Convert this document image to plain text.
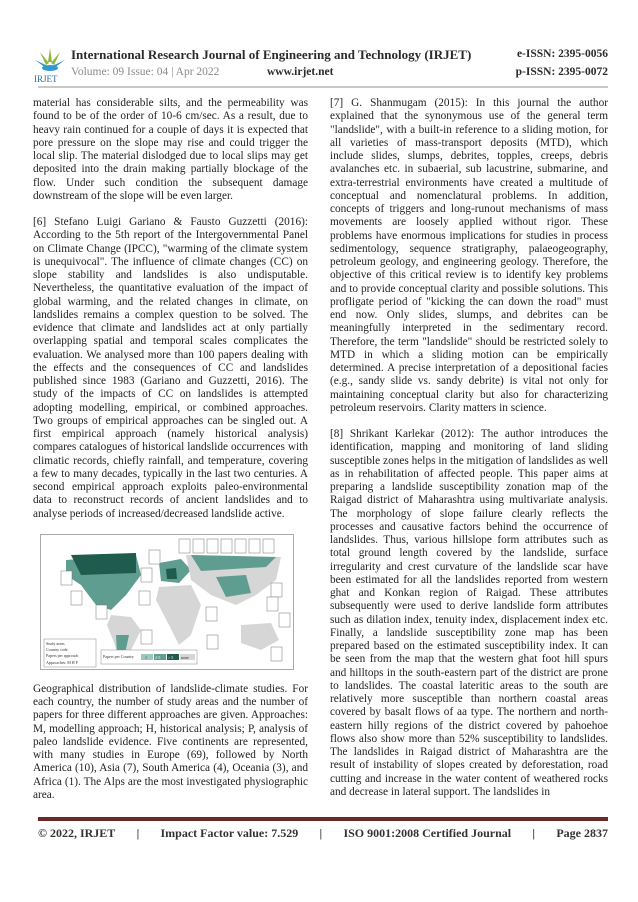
IRJET
International Research Journal of Engineering and Technology (IRJET)
Volume: 09 Issue: 04 | Apr 2022	www.irjet.net
e-ISSN: 2395-0056
p-ISSN: 2395-0072

material has considerable silts, and the permeability was found to be of the order of 10-6 cm/sec. As a result, due to heavy rain continued for a couple of days it is expected that pore pressure on the slope may rise and could trigger the local slip. The material dislodged due to local slips may get deposited into the drain making partially blockage of the flow. Under such condition the subsequent damage downstream of the slope will be even larger.

[6] Stefano Luigi Gariano & Fausto Guzzetti (2016): According to the 5th report of the Intergovernmental Panel on Climate Change (IPCC), "warming of the climate system is unequivocal". The influence of climate changes (CC) on slope stability and landslides is also undisputable. Nevertheless, the quantitative evaluation of the impact of global warming, and the related changes in climate, on landslides remains a complex question to be solved. The evidence that climate and landslides act at only partially overlapping spatial and temporal scales complicates the evaluation. We analysed more than 100 papers dealing with the effects and the consequences of CC and landslides published since 1983 (Gariano and Guzzetti, 2016). The study of the impacts of CC on landslides is attempted adopting modelling, empirical, or combined approaches. Two groups of empirical approaches can be singled out. A first empirical approach (namely historical analysis) compares catalogues of historical landslide occurrences with climatic records, chiefly rainfall, and temperature, covering a few to many decades, typically in the last two centuries. A second empirical approach exploits paleo-environmental data to reconstruct records of ancient landslides and to analyse periods of increased/decreased landslide active.

Study areas
Country code
Papers per approach
Approaches: M H P
Papers per Country	1 2-5 > 5 none

Geographical distribution of landslide-climate studies. For each country, the number of study areas and the number of papers for three different approaches are given. Approaches: M, modelling approach; H, historical analysis; P, analysis of paleo landslide evidence. Five continents are represented, with many studies in Europe (69), followed by North America (10), Asia (7), South America (4), Oceania (3), and Africa (1). The Alps are the most investigated physiographic area.

[7] G. Shanmugam (2015): In this journal the author explained that the synonymous use of the general term "landslide", with a built-in reference to a sliding motion, for all varieties of mass-transport deposits (MTD), which include slides, slumps, debrites, topples, creeps, debris avalanches etc. in subaerial, sub lacustrine, submarine, and extra-terrestrial environments have created a multitude of conceptual and nomenclatural problems. In addition, concepts of triggers and long-runout mechanisms of mass movements are loosely applied without rigor. These problems have enormous implications for studies in process sedimentology, sequence stratigraphy, palaeogeography, petroleum geology, and engineering geology. Therefore, the objective of this critical review is to identify key problems and to provide conceptual clarity and possible solutions. This profligate period of "kicking the can down the road" must end now. Only slides, slumps, and debrites can be meaningfully interpreted in the sedimentary record. Therefore, the term "landslide" should be restricted solely to MTD in which a sliding motion can be empirically determined. A precise interpretation of a depositional facies (e.g., sandy slide vs. sandy debrite) is vital not only for maintaining conceptual clarity but also for characterizing petroleum reservoirs. Clarity matters in science.

[8] Shrikant Karlekar (2012): The author introduces the identification, mapping and monitoring of land sliding susceptible zones helps in the mitigation of landslides as well as in rehabilitation of affected people. This paper aims at preparing a landslide susceptibility zonation map of the Raigad district of Maharashtra using multivariate analysis. The morphology of slope failure clearly reflects the processes and causative factors behind the occurrence of landslides. Thus, various hillslope form attributes such as total ground length covered by the landslide, surface irregularity and crest curvature of the landslide scar have been estimated for all the landslides reported from western ghat and Konkan region of Raigad. These attributes subsequently were used to derive landslide form attributes such as dilation index, tenuity index, displacement index etc. Finally, a landslide susceptibility zone map has been prepared based on the estimated susceptibility index. It can be seen from the map that the western ghat foot hill spurs and hilltops in the south-eastern part of the district are prone to landslides. The coastal lateritic areas to the south are relatively more susceptible than northern coastal areas covered by basalt flows of aa type. The northern and north-eastern hilly regions of the district covered by pahoehoe flows also show more than 52% susceptibility to landslides. The landslides in Raigad district of Maharashtra are the result of instability of slopes created by deforestation, road cutting and increase in the water content of weathered rocks and decrease in lateral support. The landslides in

© 2022, IRJET | Impact Factor value: 7.529 | ISO 9001:2008 Certified Journal | Page 2837
